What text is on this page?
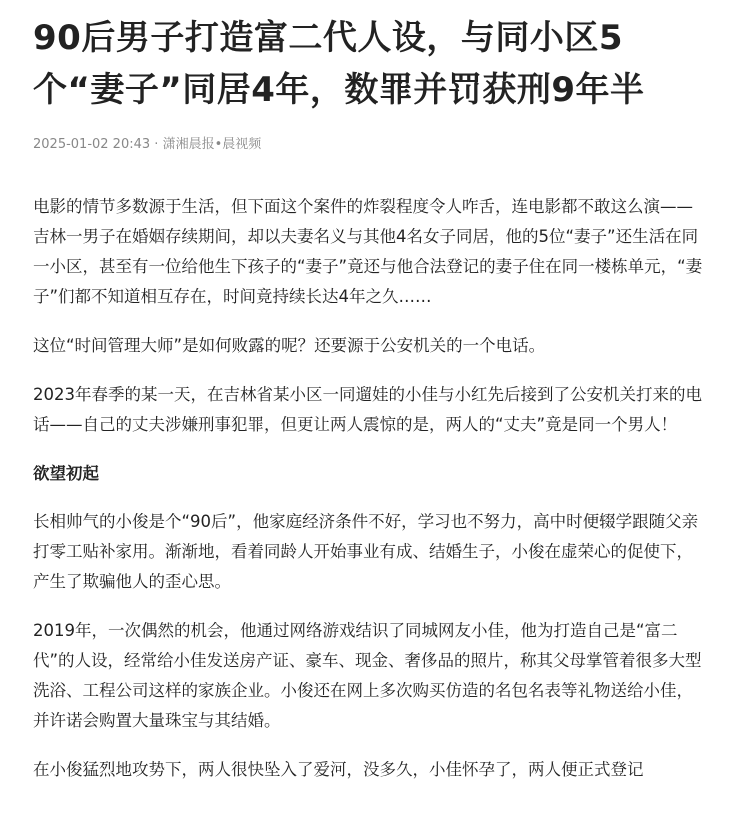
90后男子打造富二代人设，与同小区5个“妻子”同居4年，数罪并罚获刑9年半
2025-01-02 20:43 · 潇湘晨报•晨视频

电影的情节多数源于生活，但下面这个案件的炸裂程度令人咋舌，连电影都不敢这么演——吉林一男子在婚姻存续期间，却以夫妻名义与其他4名女子同居，他的5位“妻子”还生活在同一小区，甚至有一位给他生下孩子的“妻子”竟还与他合法登记的妻子住在同一楼栋单元，“妻子”们都不知道相互存在，时间竟持续长达4年之久……

这位“时间管理大师”是如何败露的呢？还要源于公安机关的一个电话。

2023年春季的某一天，在吉林省某小区一同遛娃的小佳与小红先后接到了公安机关打来的电话——自己的丈夫涉嫌刑事犯罪，但更让两人震惊的是，两人的“丈夫”竟是同一个男人！

欲望初起

长相帅气的小俊是个“90后”，他家庭经济条件不好，学习也不努力，高中时便辍学跟随父亲打零工贴补家用。渐渐地，看着同龄人开始事业有成、结婚生子，小俊在虚荣心的促使下，产生了欺骗他人的歪心思。

2019年，一次偶然的机会，他通过网络游戏结识了同城网友小佳，他为打造自己是“富二代”的人设，经常给小佳发送房产证、豪车、现金、奢侈品的照片，称其父母掌管着很多大型洗浴、工程公司这样的家族企业。小俊还在网上多次购买仿造的名包名表等礼物送给小佳，并许诺会购置大量珠宝与其结婚。

在小俊猛烈地攻势下，两人很快坠入了爱河，没多久，小佳怀孕了，两人便正式登记
